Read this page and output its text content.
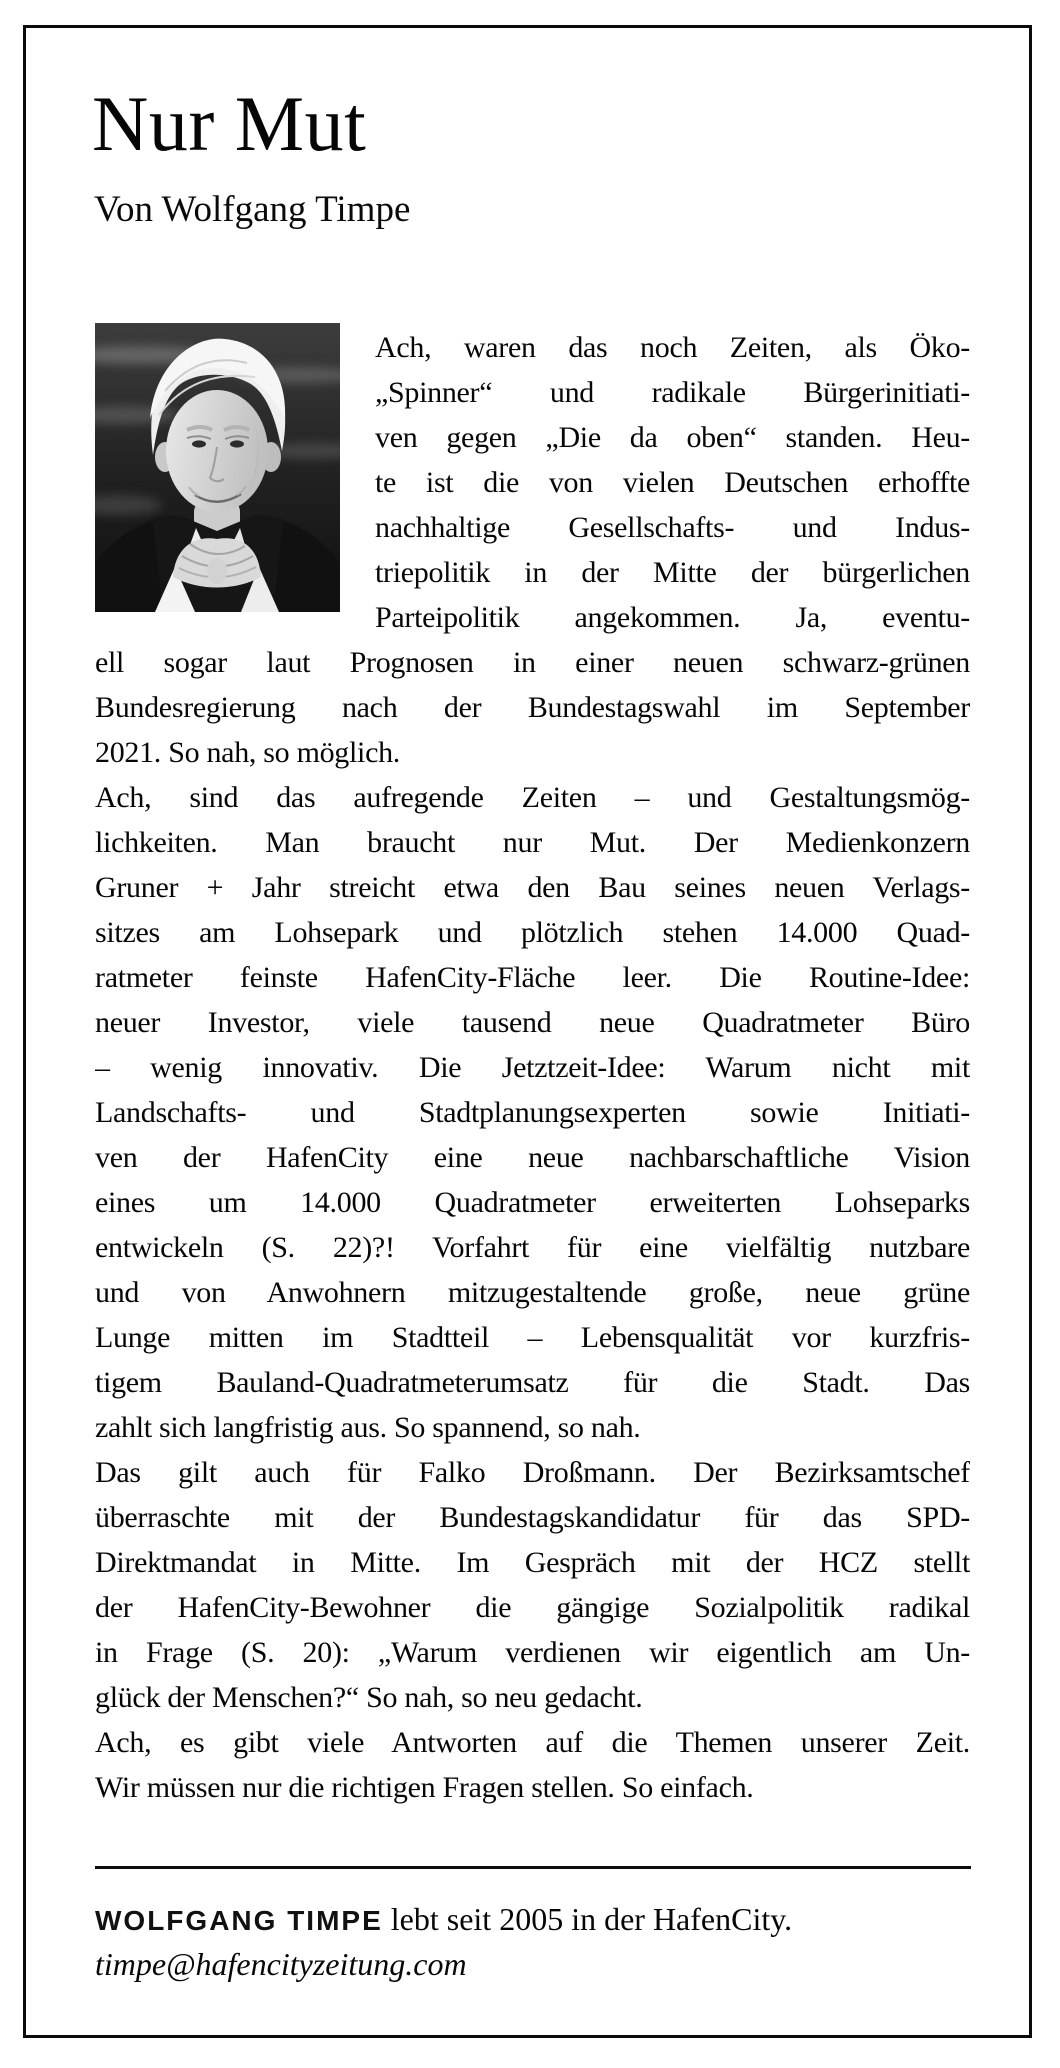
Nur Mut
Von Wolfgang Timpe
Ach, waren das noch Zeiten, als Öko-
„Spinner“ und radikale Bürgerinitiati-
ven gegen „Die da oben“ standen. Heu-
te ist die von vielen Deutschen erhoffte
nachhaltige Gesellschafts- und Indus-
triepolitik in der Mitte der bürgerlichen
Parteipolitik angekommen. Ja, eventu-
ell sogar laut Prognosen in einer neuen schwarz-grünen
Bundesregierung nach der Bundestagswahl im September
2021. So nah, so möglich.
Ach, sind das aufregende Zeiten – und Gestaltungsmög-
lichkeiten. Man braucht nur Mut. Der Medienkonzern
Gruner + Jahr streicht etwa den Bau seines neuen Verlags-
sitzes am Lohsepark und plötzlich stehen 14.000 Quad-
ratmeter feinste HafenCity-Fläche leer. Die Routine-Idee:
neuer Investor, viele tausend neue Quadratmeter Büro
– wenig innovativ. Die Jetztzeit-Idee: Warum nicht mit
Landschafts- und Stadtplanungsexperten sowie Initiati-
ven der HafenCity eine neue nachbarschaftliche Vision
eines um 14.000 Quadratmeter erweiterten Lohseparks
entwickeln (S. 22)?! Vorfahrt für eine vielfältig nutzbare
und von Anwohnern mitzugestaltende große, neue grüne
Lunge mitten im Stadtteil – Lebensqualität vor kurzfris-
tigem Bauland-Quadratmeterumsatz für die Stadt. Das
zahlt sich langfristig aus. So spannend, so nah.
Das gilt auch für Falko Droßmann. Der Bezirksamtschef
überraschte mit der Bundestagskandidatur für das SPD-
Direktmandat in Mitte. Im Gespräch mit der HCZ stellt
der HafenCity-Bewohner die gängige Sozialpolitik radikal
in Frage (S. 20): „Warum verdienen wir eigentlich am Un-
glück der Menschen?“ So nah, so neu gedacht.
Ach, es gibt viele Antworten auf die Themen unserer Zeit.
Wir müssen nur die richtigen Fragen stellen. So einfach.
WOLFGANG TIMPE lebt seit 2005 in der HafenCity.
timpe@hafencityzeitung.com
